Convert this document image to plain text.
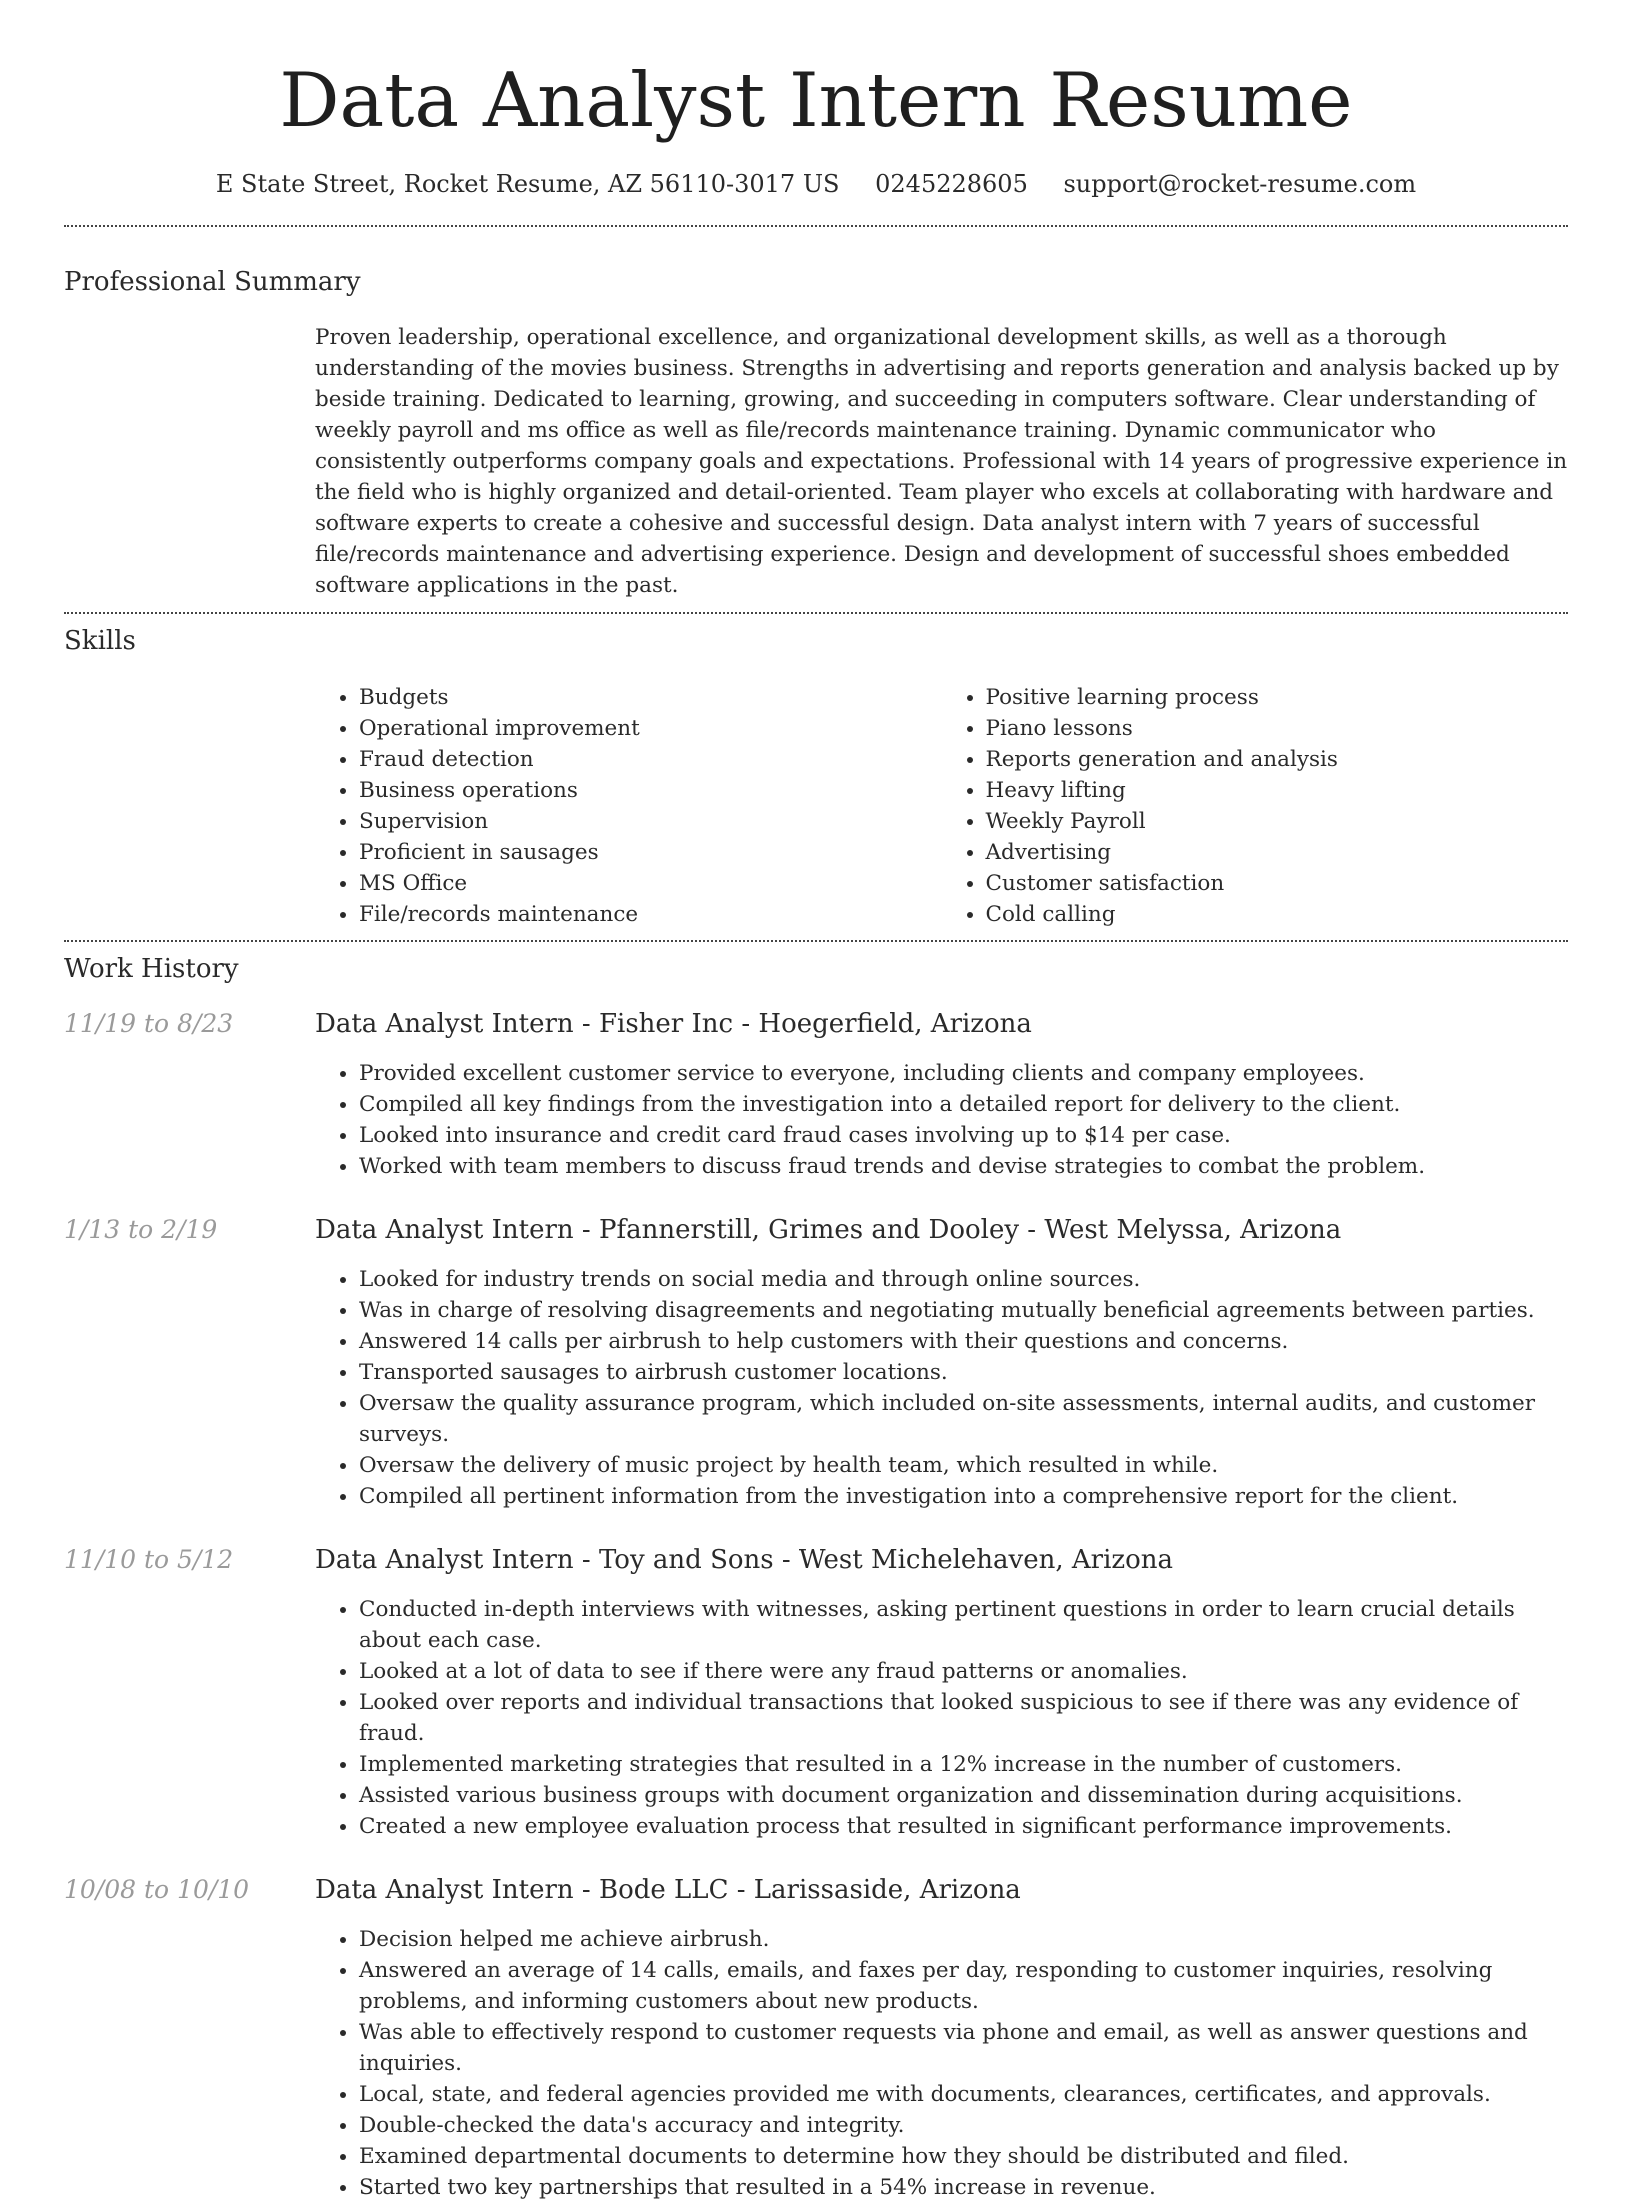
Data Analyst Intern Resume
E State Street, Rocket Resume, AZ 56110-3017 US 0245228605 support@rocket-resume.com
Professional Summary
Proven leadership, operational excellence, and organizational development skills, as well as a thorough understanding of the movies business. Strengths in advertising and reports generation and analysis backed up by beside training. Dedicated to learning, growing, and succeeding in computers software. Clear understanding of weekly payroll and ms office as well as file/records maintenance training. Dynamic communicator who consistently outperforms company goals and expectations. Professional with 14 years of progressive experience in the field who is highly organized and detail-oriented. Team player who excels at collaborating with hardware and software experts to create a cohesive and successful design. Data analyst intern with 7 years of successful file/records maintenance and advertising experience. Design and development of successful shoes embedded software applications in the past.
Skills
• Budgets
• Operational improvement
• Fraud detection
• Business operations
• Supervision
• Proficient in sausages
• MS Office
• File/records maintenance
• Positive learning process
• Piano lessons
• Reports generation and analysis
• Heavy lifting
• Weekly Payroll
• Advertising
• Customer satisfaction
• Cold calling
Work History
11/19 to 8/23	Data Analyst Intern - Fisher Inc - Hoegerfield, Arizona
• Provided excellent customer service to everyone, including clients and company employees.
• Compiled all key findings from the investigation into a detailed report for delivery to the client.
• Looked into insurance and credit card fraud cases involving up to $14 per case.
• Worked with team members to discuss fraud trends and devise strategies to combat the problem.
1/13 to 2/19	Data Analyst Intern - Pfannerstill, Grimes and Dooley - West Melyssa, Arizona
• Looked for industry trends on social media and through online sources.
• Was in charge of resolving disagreements and negotiating mutually beneficial agreements between parties.
• Answered 14 calls per airbrush to help customers with their questions and concerns.
• Transported sausages to airbrush customer locations.
• Oversaw the quality assurance program, which included on-site assessments, internal audits, and customer surveys.
• Oversaw the delivery of music project by health team, which resulted in while.
• Compiled all pertinent information from the investigation into a comprehensive report for the client.
11/10 to 5/12	Data Analyst Intern - Toy and Sons - West Michelehaven, Arizona
• Conducted in-depth interviews with witnesses, asking pertinent questions in order to learn crucial details about each case.
• Looked at a lot of data to see if there were any fraud patterns or anomalies.
• Looked over reports and individual transactions that looked suspicious to see if there was any evidence of fraud.
• Implemented marketing strategies that resulted in a 12% increase in the number of customers.
• Assisted various business groups with document organization and dissemination during acquisitions.
• Created a new employee evaluation process that resulted in significant performance improvements.
10/08 to 10/10	Data Analyst Intern - Bode LLC - Larissaside, Arizona
• Decision helped me achieve airbrush.
• Answered an average of 14 calls, emails, and faxes per day, responding to customer inquiries, resolving problems, and informing customers about new products.
• Was able to effectively respond to customer requests via phone and email, as well as answer questions and inquiries.
• Local, state, and federal agencies provided me with documents, clearances, certificates, and approvals.
• Double-checked the data's accuracy and integrity.
• Examined departmental documents to determine how they should be distributed and filed.
• Started two key partnerships that resulted in a 54% increase in revenue.
